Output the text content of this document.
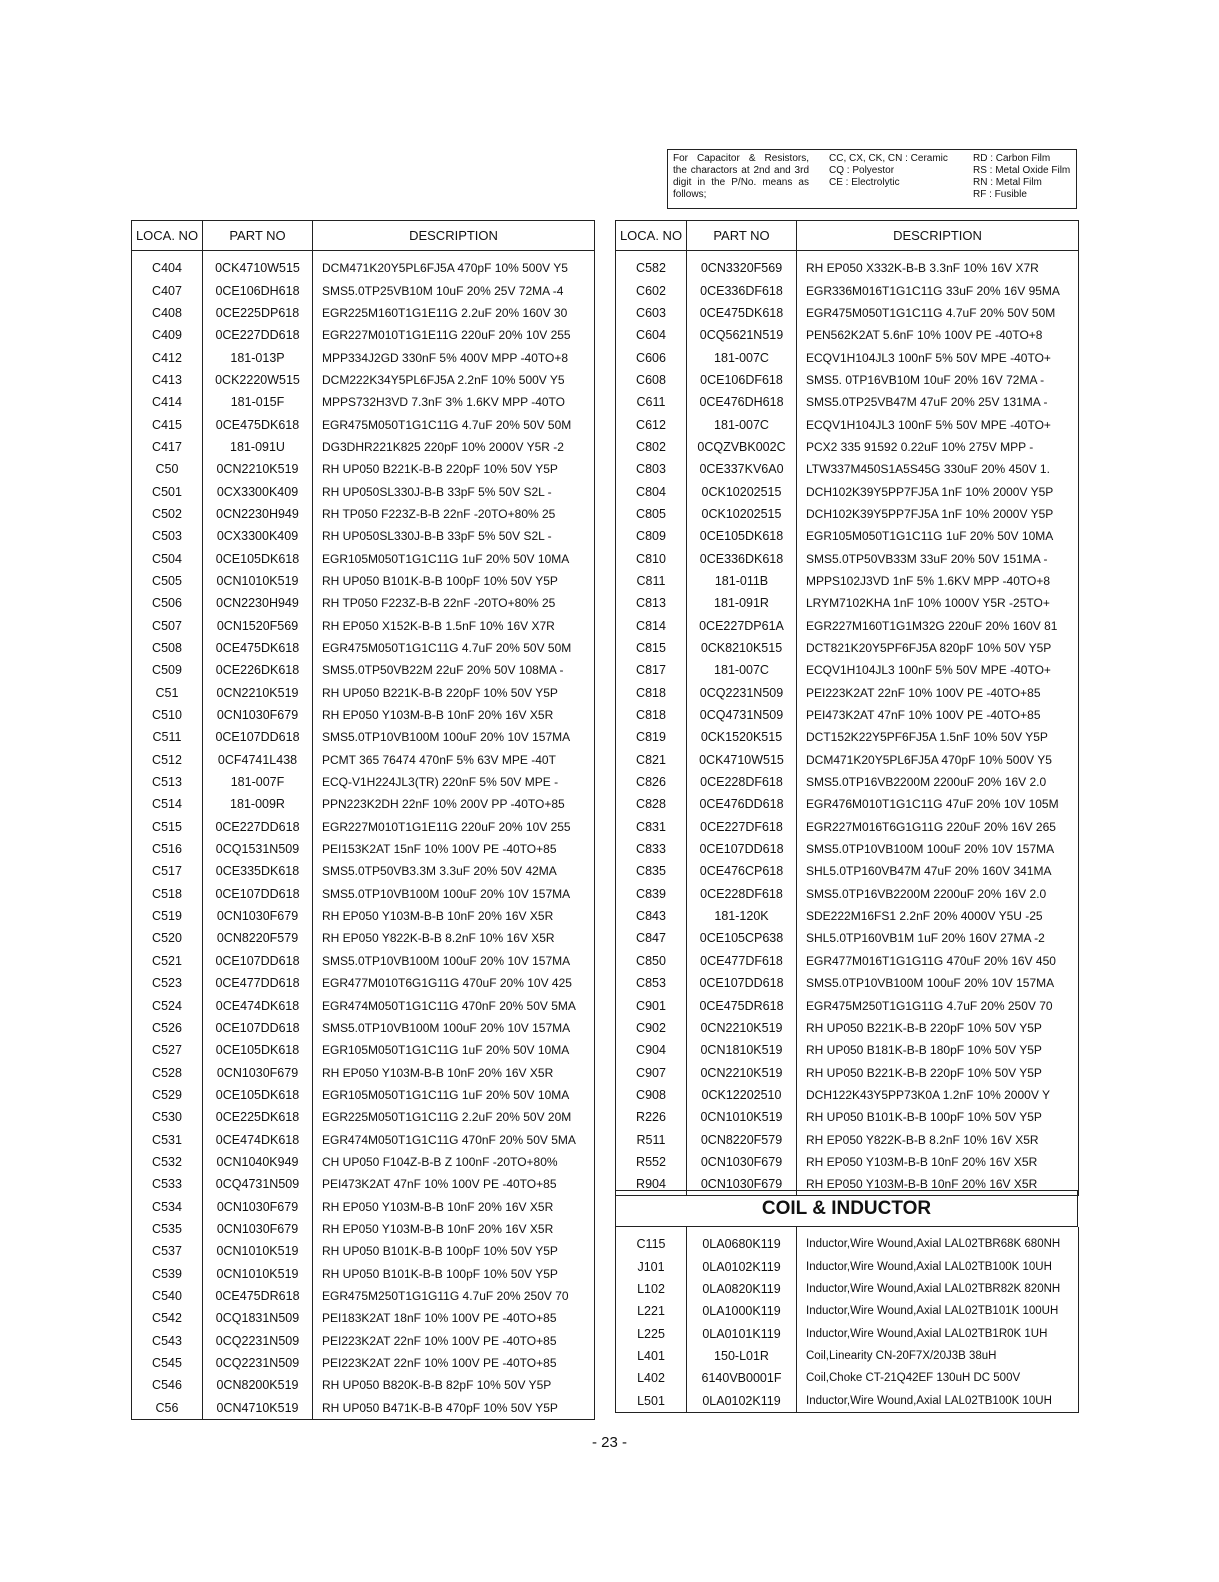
For Capacitor & Resistors,
the charactors at 2nd and 3rd
digit in the P/No. means as
follows;
CC, CX, CK, CN : Ceramic
CQ : Polyestor
CE : Electrolytic
RD : Carbon Film
RS : Metal Oxide Film
RN : Metal Film
RF : Fusible
LOCA. NO	PART NO	DESCRIPTION
C404	0CK4710W515	DCM471K20Y5PL6FJ5A 470pF 10% 500V Y5
C407	0CE106DH618	SMS5.0TP25VB10M 10uF 20% 25V 72MA -4
C408	0CE225DP618	EGR225M160T1G1E11G 2.2uF 20% 160V 30
C409	0CE227DD618	EGR227M010T1G1E11G 220uF 20% 10V 255
C412	181-013P	MPP334J2GD 330nF 5% 400V MPP -40TO+8
C413	0CK2220W515	DCM222K34Y5PL6FJ5A 2.2nF 10% 500V Y5
C414	181-015F	MPPS732H3VD 7.3nF 3% 1.6KV MPP -40TO
C415	0CE475DK618	EGR475M050T1G1C11G 4.7uF 20% 50V 50M
C417	181-091U	DG3DHR221K825 220pF 10% 2000V Y5R -2
C50	0CN2210K519	RH UP050 B221K-B-B 220pF 10% 50V Y5P
C501	0CX3300K409	RH UP050SL330J-B-B 33pF 5% 50V S2L -
C502	0CN2230H949	RH TP050 F223Z-B-B 22nF -20TO+80% 25
C503	0CX3300K409	RH UP050SL330J-B-B 33pF 5% 50V S2L -
C504	0CE105DK618	EGR105M050T1G1C11G 1uF 20% 50V 10MA
C505	0CN1010K519	RH UP050 B101K-B-B 100pF 10% 50V Y5P
C506	0CN2230H949	RH TP050 F223Z-B-B 22nF -20TO+80% 25
C507	0CN1520F569	RH EP050 X152K-B-B 1.5nF 10% 16V X7R
C508	0CE475DK618	EGR475M050T1G1C11G 4.7uF 20% 50V 50M
C509	0CE226DK618	SMS5.0TP50VB22M 22uF 20% 50V 108MA -
C51	0CN2210K519	RH UP050 B221K-B-B 220pF 10% 50V Y5P
C510	0CN1030F679	RH EP050 Y103M-B-B 10nF 20% 16V X5R
C511	0CE107DD618	SMS5.0TP10VB100M 100uF 20% 10V 157MA
C512	0CF4741L438	PCMT 365 76474 470nF 5% 63V MPE -40T
C513	181-007F	ECQ-V1H224JL3(TR) 220nF 5% 50V MPE -
C514	181-009R	PPN223K2DH 22nF 10% 200V PP -40TO+85
C515	0CE227DD618	EGR227M010T1G1E11G 220uF 20% 10V 255
C516	0CQ1531N509	PEI153K2AT 15nF 10% 100V PE -40TO+85
C517	0CE335DK618	SMS5.0TP50VB3.3M 3.3uF 20% 50V 42MA
C518	0CE107DD618	SMS5.0TP10VB100M 100uF 20% 10V 157MA
C519	0CN1030F679	RH EP050 Y103M-B-B 10nF 20% 16V X5R
C520	0CN8220F579	RH EP050 Y822K-B-B 8.2nF 10% 16V X5R
C521	0CE107DD618	SMS5.0TP10VB100M 100uF 20% 10V 157MA
C523	0CE477DD618	EGR477M010T6G1G11G 470uF 20% 10V 425
C524	0CE474DK618	EGR474M050T1G1C11G 470nF 20% 50V 5MA
C526	0CE107DD618	SMS5.0TP10VB100M 100uF 20% 10V 157MA
C527	0CE105DK618	EGR105M050T1G1C11G 1uF 20% 50V 10MA
C528	0CN1030F679	RH EP050 Y103M-B-B 10nF 20% 16V X5R
C529	0CE105DK618	EGR105M050T1G1C11G 1uF 20% 50V 10MA
C530	0CE225DK618	EGR225M050T1G1C11G 2.2uF 20% 50V 20M
C531	0CE474DK618	EGR474M050T1G1C11G 470nF 20% 50V 5MA
C532	0CN1040K949	CH UP050 F104Z-B-B Z 100nF -20TO+80%
C533	0CQ4731N509	PEI473K2AT 47nF 10% 100V PE -40TO+85
C534	0CN1030F679	RH EP050 Y103M-B-B 10nF 20% 16V X5R
C535	0CN1030F679	RH EP050 Y103M-B-B 10nF 20% 16V X5R
C537	0CN1010K519	RH UP050 B101K-B-B 100pF 10% 50V Y5P
C539	0CN1010K519	RH UP050 B101K-B-B 100pF 10% 50V Y5P
C540	0CE475DR618	EGR475M250T1G1G11G 4.7uF 20% 250V 70
C542	0CQ1831N509	PEI183K2AT 18nF 10% 100V PE -40TO+85
C543	0CQ2231N509	PEI223K2AT 22nF 10% 100V PE -40TO+85
C545	0CQ2231N509	PEI223K2AT 22nF 10% 100V PE -40TO+85
C546	0CN8200K519	RH UP050 B820K-B-B 82pF 10% 50V Y5P
C56	0CN4710K519	RH UP050 B471K-B-B 470pF 10% 50V Y5P
LOCA. NO	PART NO	DESCRIPTION
C582	0CN3320F569	RH EP050 X332K-B-B 3.3nF 10% 16V X7R
C602	0CE336DF618	EGR336M016T1G1C11G 33uF 20% 16V 95MA
C603	0CE475DK618	EGR475M050T1G1C11G 4.7uF 20% 50V 50M
C604	0CQ5621N519	PEN562K2AT 5.6nF 10% 100V PE -40TO+8
C606	181-007C	ECQV1H104JL3 100nF 5% 50V MPE -40TO+
C608	0CE106DF618	SMS5. 0TP16VB10M 10uF 20% 16V 72MA -
C611	0CE476DH618	SMS5.0TP25VB47M 47uF 20% 25V 131MA -
C612	181-007C	ECQV1H104JL3 100nF 5% 50V MPE -40TO+
C802	0CQZVBK002C	PCX2 335 91592 0.22uF 10% 275V MPP -
C803	0CE337KV6A0	LTW337M450S1A5S45G 330uF 20% 450V 1.
C804	0CK10202515	DCH102K39Y5PP7FJ5A 1nF 10% 2000V Y5P
C805	0CK10202515	DCH102K39Y5PP7FJ5A 1nF 10% 2000V Y5P
C809	0CE105DK618	EGR105M050T1G1C11G 1uF 20% 50V 10MA
C810	0CE336DK618	SMS5.0TP50VB33M 33uF 20% 50V 151MA -
C811	181-011B	MPPS102J3VD 1nF 5% 1.6KV MPP -40TO+8
C813	181-091R	LRYM7102KHA 1nF 10% 1000V Y5R -25TO+
C814	0CE227DP61A	EGR227M160T1G1M32G 220uF 20% 160V 81
C815	0CK8210K515	DCT821K20Y5PF6FJ5A 820pF 10% 50V Y5P
C817	181-007C	ECQV1H104JL3 100nF 5% 50V MPE -40TO+
C818	0CQ2231N509	PEI223K2AT 22nF 10% 100V PE -40TO+85
C818	0CQ4731N509	PEI473K2AT 47nF 10% 100V PE -40TO+85
C819	0CK1520K515	DCT152K22Y5PF6FJ5A 1.5nF 10% 50V Y5P
C821	0CK4710W515	DCM471K20Y5PL6FJ5A 470pF 10% 500V Y5
C826	0CE228DF618	SMS5.0TP16VB2200M 2200uF 20% 16V 2.0
C828	0CE476DD618	EGR476M010T1G1C11G 47uF 20% 10V 105M
C831	0CE227DF618	EGR227M016T6G1G11G 220uF 20% 16V 265
C833	0CE107DD618	SMS5.0TP10VB100M 100uF 20% 10V 157MA
C835	0CE476CP618	SHL5.0TP160VB47M 47uF 20% 160V 341MA
C839	0CE228DF618	SMS5.0TP16VB2200M 2200uF 20% 16V 2.0
C843	181-120K	SDE222M16FS1 2.2nF 20% 4000V Y5U -25
C847	0CE105CP638	SHL5.0TP160VB1M 1uF 20% 160V 27MA -2
C850	0CE477DF618	EGR477M016T1G1G11G 470uF 20% 16V 450
C853	0CE107DD618	SMS5.0TP10VB100M 100uF 20% 10V 157MA
C901	0CE475DR618	EGR475M250T1G1G11G 4.7uF 20% 250V 70
C902	0CN2210K519	RH UP050 B221K-B-B 220pF 10% 50V Y5P
C904	0CN1810K519	RH UP050 B181K-B-B 180pF 10% 50V Y5P
C907	0CN2210K519	RH UP050 B221K-B-B 220pF 10% 50V Y5P
C908	0CK12202510	DCH122K43Y5PP73K0A 1.2nF 10% 2000V Y
R226	0CN1010K519	RH UP050 B101K-B-B 100pF 10% 50V Y5P
R511	0CN8220F579	RH EP050 Y822K-B-B 8.2nF 10% 16V X5R
R552	0CN1030F679	RH EP050 Y103M-B-B 10nF 20% 16V X5R
R904	0CN1030F679	RH EP050 Y103M-B-B 10nF 20% 16V X5R
COIL & INDUCTOR
C115	0LA0680K119	Inductor,Wire Wound,Axial LAL02TBR68K 680NH
J101	0LA0102K119	Inductor,Wire Wound,Axial LAL02TB100K 10UH
L102	0LA0820K119	Inductor,Wire Wound,Axial LAL02TBR82K 820NH
L221	0LA1000K119	Inductor,Wire Wound,Axial LAL02TB101K 100UH
L225	0LA0101K119	Inductor,Wire Wound,Axial LAL02TB1R0K 1UH
L401	150-L01R	Coil,Linearity CN-20F7X/20J3B 38uH
L402	6140VB0001F	Coil,Choke CT-21Q42EF 130uH DC 500V
L501	0LA0102K119	Inductor,Wire Wound,Axial LAL02TB100K 10UH
- 23 -
